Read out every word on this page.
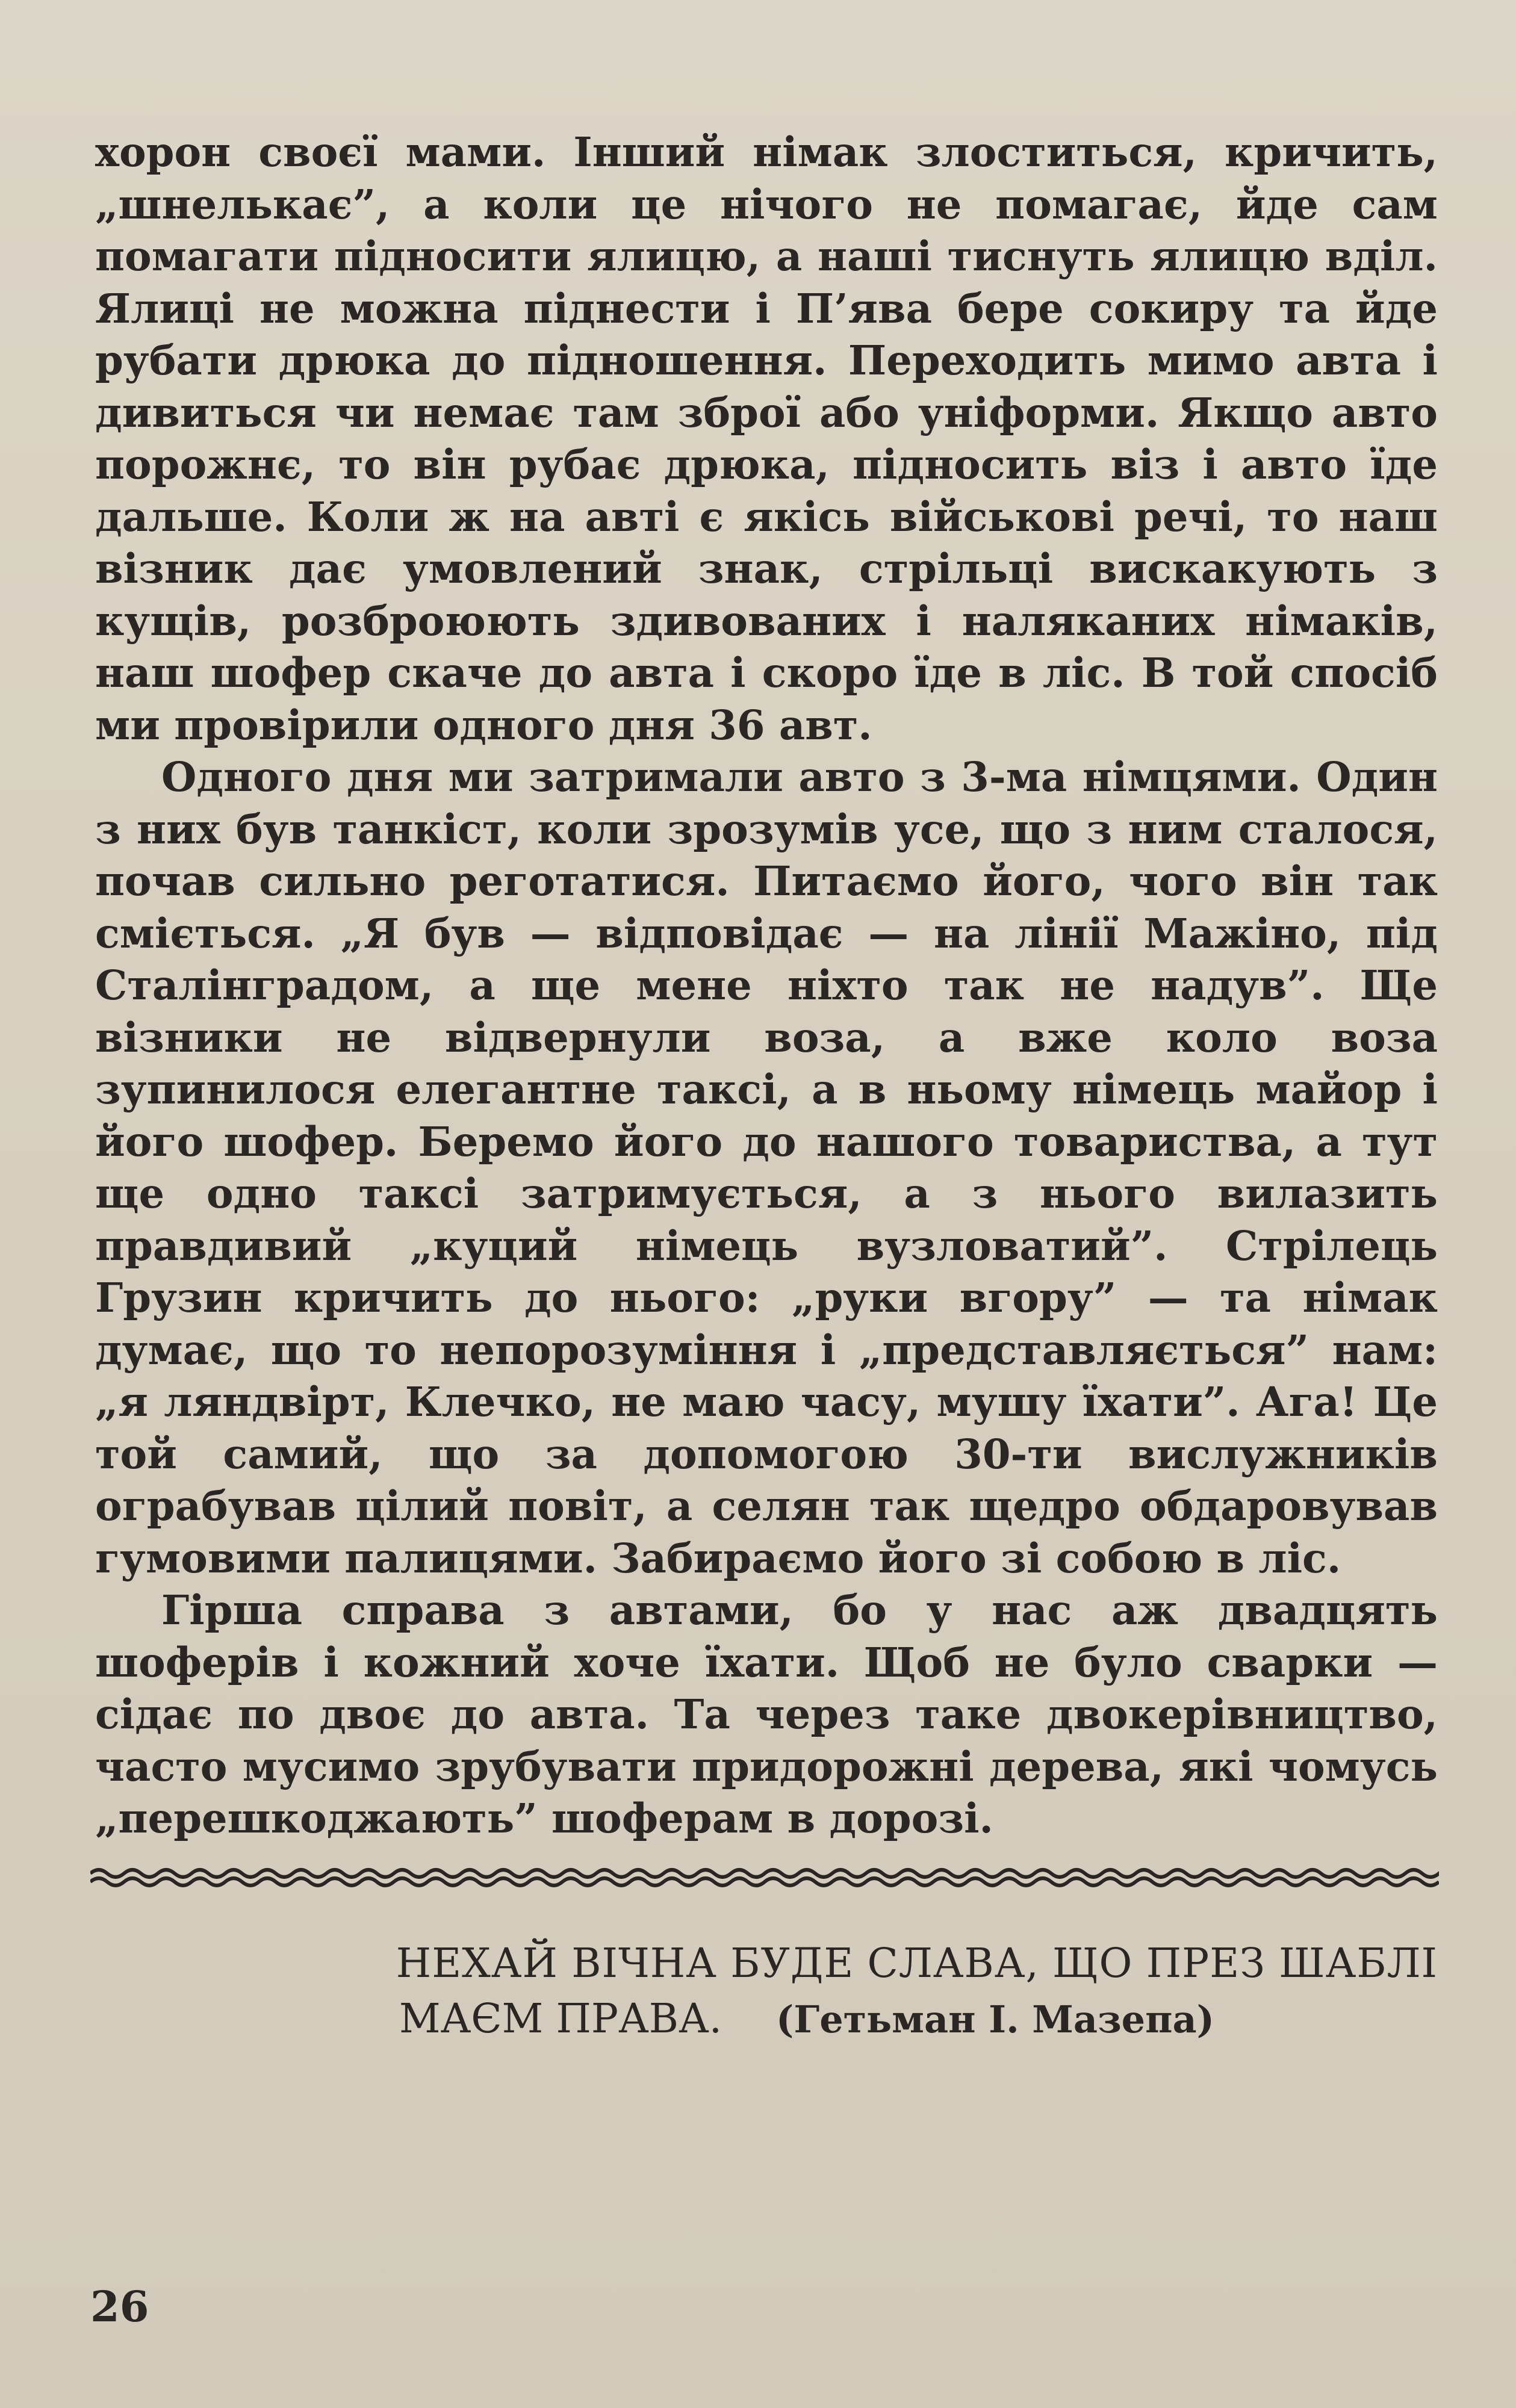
хорон своєї мами. Інший німак злоститься, кричить, „шнелькає”, а коли це нічого не помагає, йде сам помагати підносити ялицю, а наші тиснуть ялицю вділ. Ялиці не можна піднести і П’ява бере сокиру та йде рубати дрюка до піднoшення. Переходить мимо авта і дивиться чи немає там зброї або уніформи. Якщо авто порожнє, то він рубає дрюка, підносить віз і авто їде дальше. Коли ж на авті є якісь військові речі, то наш візник дає умовлений знак, стрільці вискакують з кущів, розброюють здивованих і наляканих німаків, наш шофер скаче до авта і скоро їде в ліс. В той спосіб ми провірили одного дня 36 авт.

Одного дня ми затримали авто з 3-ма німцями. Один з них був танкіст, коли зрозумів усе, що з ним сталося, почав сильно реготатися. Питаємо його, чого він так сміється. „Я був — відповідає — на лінії Мажіно, під Сталінградом, а ще мене ніхто так не надув”. Ще візники не відвернули воза, а вже коло воза зупинилося елегантне таксі, а в ньому німець майор і його шофер. Беремо його до нашого товариства, а тут ще одно таксі затримується, а з нього вилазить правдивий „куций німець вузловатий”. Стрілець Грузин кричить до нього: „руки вгору” — та німак думає, що то непорозуміння і „представляється” нам: „я ляндвірт, Клечко, не маю часу, мушу їхати”. Ага! Це той самий, що за допомогою 30-ти вислужників ограбував цілий повіт, а селян так щедро обдаровував гумовими палицями. Забираємо його зі собою в ліс.

Гірша справа з автами, бо у нас аж двадцять шоферів і кожний хоче їхати. Щоб не було сварки — сідає по двоє до авта. Та через таке двокерівництво, часто мусимо зрубувати придорожні дерева, які чомусь „перешкоджають” шоферам в дорозі.

НЕХАЙ ВІЧНА БУДЕ СЛАВА, ЩО ПРЕЗ ШАБЛІ
МАЄМ ПРАВА. (Гетьман І. Мазепа)
26
